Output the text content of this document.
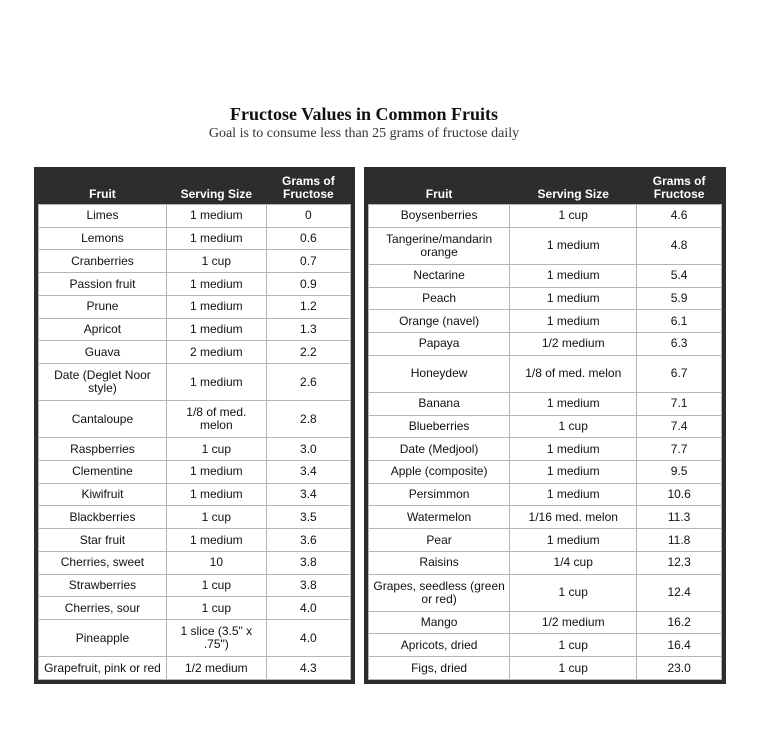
Fructose Values in Common Fruits
Goal is to consume less than 25 grams of fructose daily
Fruit	Serving Size	Grams of Fructose
Limes	1 medium	0
Lemons	1 medium	0.6
Cranberries	1 cup	0.7
Passion fruit	1 medium	0.9
Prune	1 medium	1.2
Apricot	1 medium	1.3
Guava	2 medium	2.2
Date (Deglet Noor style)	1 medium	2.6
Cantaloupe	1/8 of med. melon	2.8
Raspberries	1 cup	3.0
Clementine	1 medium	3.4
Kiwifruit	1 medium	3.4
Blackberries	1 cup	3.5
Star fruit	1 medium	3.6
Cherries, sweet	10	3.8
Strawberries	1 cup	3.8
Cherries, sour	1 cup	4.0
Pineapple	1 slice (3.5" x .75")	4.0
Grapefruit, pink or red	1/2 medium	4.3
Fruit	Serving Size	Grams of Fructose
Boysenberries	1 cup	4.6
Tangerine/mandarin orange	1 medium	4.8
Nectarine	1 medium	5.4
Peach	1 medium	5.9
Orange (navel)	1 medium	6.1
Papaya	1/2 medium	6.3
Honeydew	1/8 of med. melon	6.7
Banana	1 medium	7.1
Blueberries	1 cup	7.4
Date (Medjool)	1 medium	7.7
Apple (composite)	1 medium	9.5
Persimmon	1 medium	10.6
Watermelon	1/16 med. melon	11.3
Pear	1 medium	11.8
Raisins	1/4 cup	12.3
Grapes, seedless (green or red)	1 cup	12.4
Mango	1/2 medium	16.2
Apricots, dried	1 cup	16.4
Figs, dried	1 cup	23.0
